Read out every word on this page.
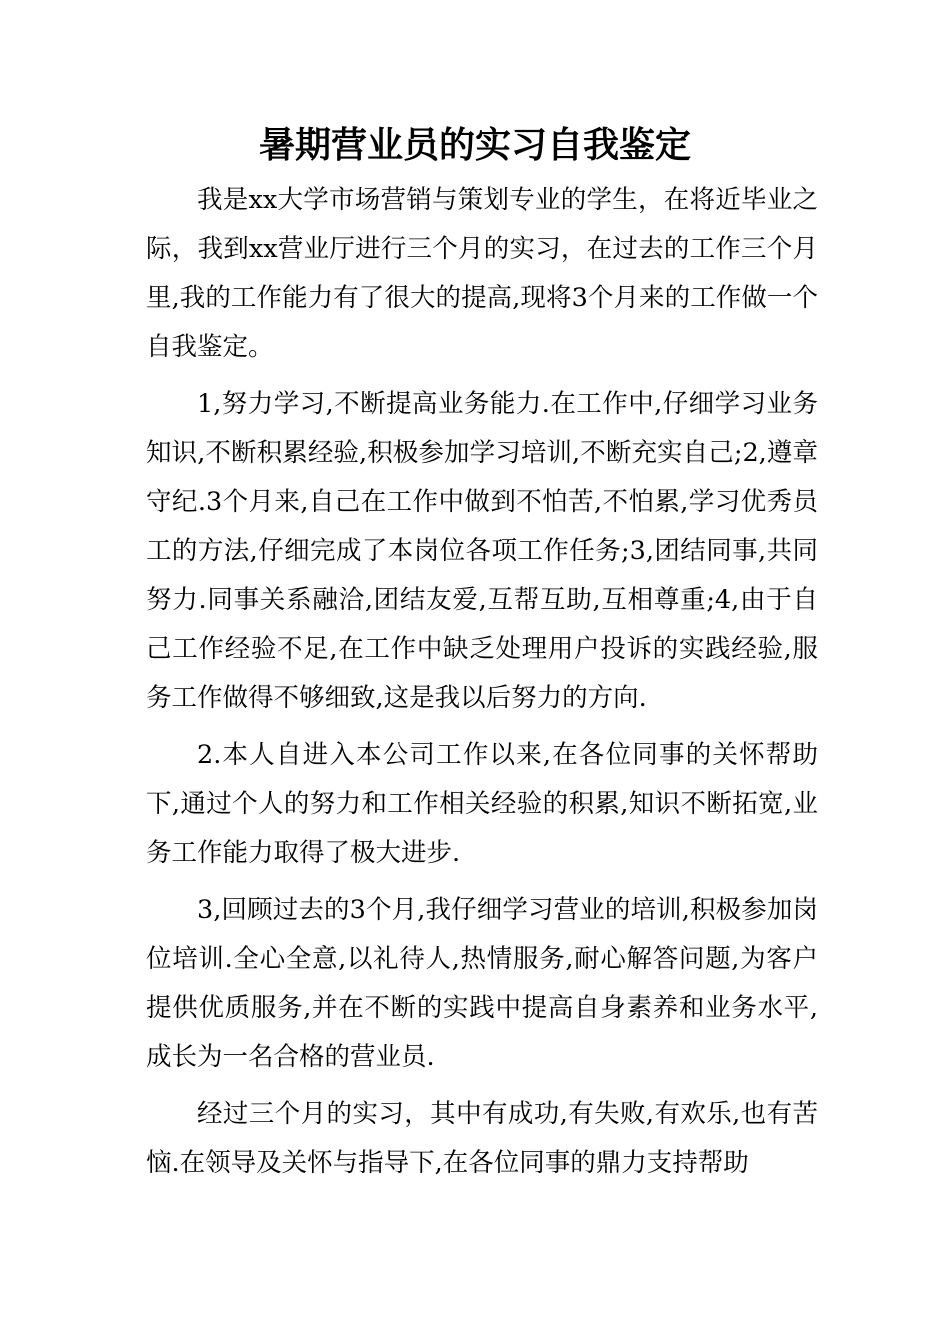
暑期营业员的实习自我鉴定

我是xx大学市场营销与策划专业的学生，在将近毕业之际，我到xx营业厅进行三个月的实习，在过去的工作三个月里,我的工作能力有了很大的提高,现将3个月来的工作做一个自我鉴定。

1,努力学习,不断提高业务能力.在工作中,仔细学习业务知识,不断积累经验,积极参加学习培训,不断充实自己;2,遵章守纪.3个月来,自己在工作中做到不怕苦,不怕累,学习优秀员工的方法,仔细完成了本岗位各项工作任务;3,团结同事,共同努力.同事关系融洽,团结友爱,互帮互助,互相尊重;4,由于自己工作经验不足,在工作中缺乏处理用户投诉的实践经验,服务工作做得不够细致,这是我以后努力的方向.

2.本人自进入本公司工作以来,在各位同事的关怀帮助下,通过个人的努力和工作相关经验的积累,知识不断拓宽,业务工作能力取得了极大进步.

3,回顾过去的3个月,我仔细学习营业的培训,积极参加岗位培训.全心全意,以礼待人,热情服务,耐心解答问题,为客户提供优质服务,并在不断的实践中提高自身素养和业务水平,成长为一名合格的营业员.

经过三个月的实习，其中有成功,有失败,有欢乐,也有苦恼.在领导及关怀与指导下,在各位同事的鼎力支持帮助
